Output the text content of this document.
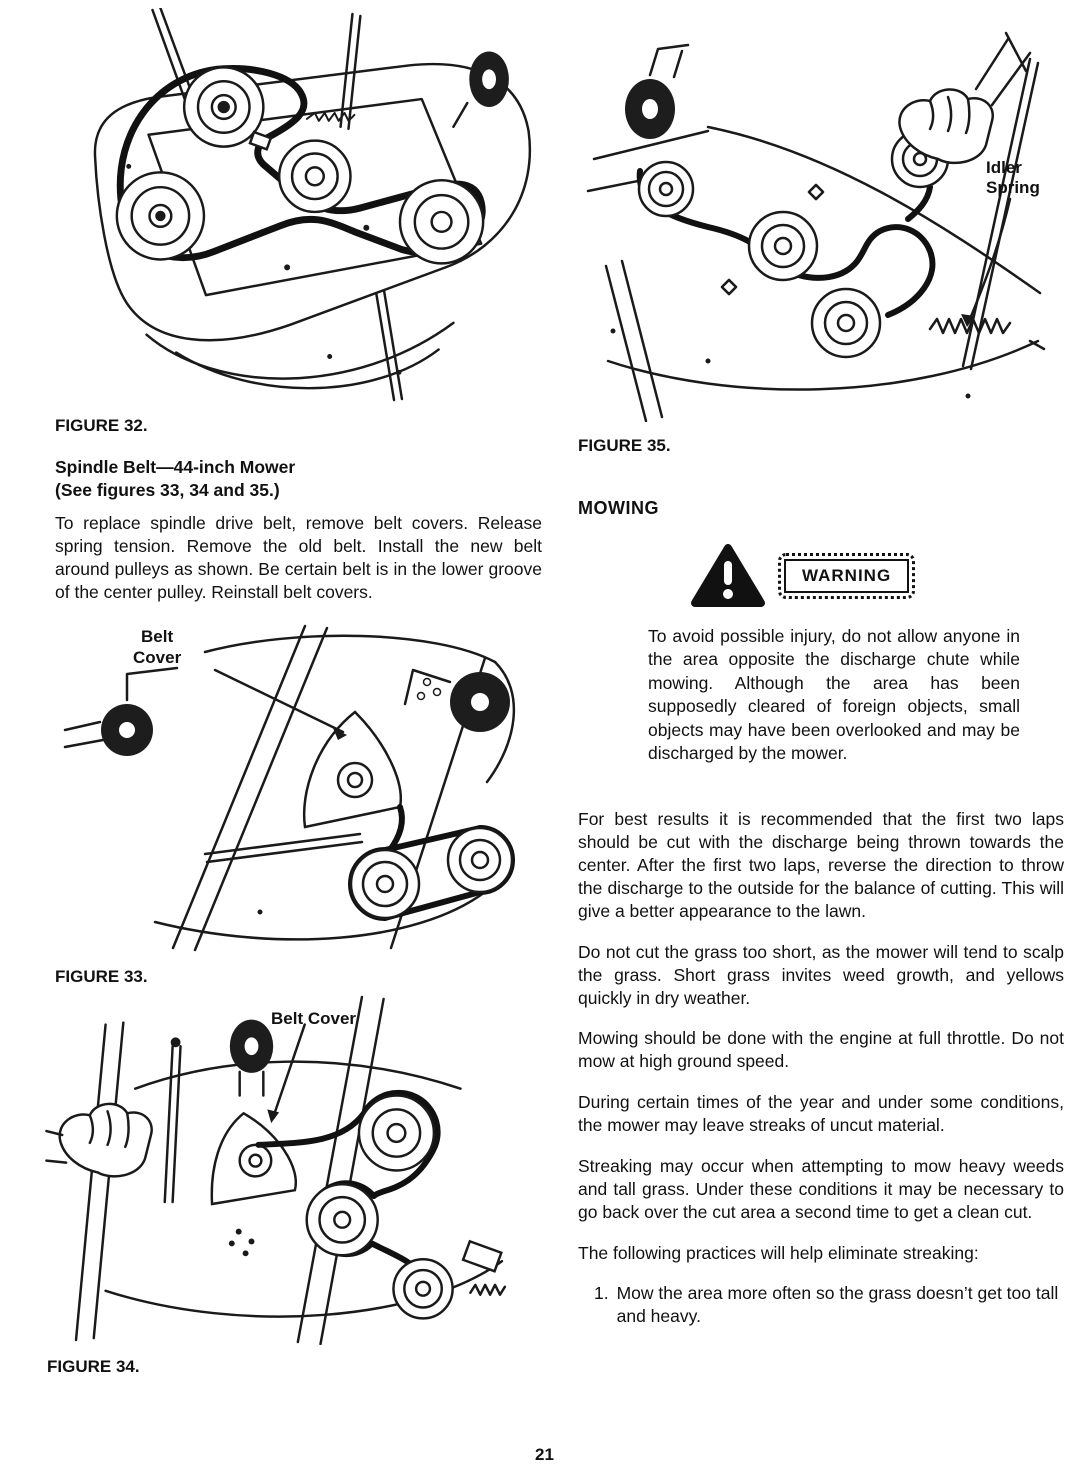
FIGURE 32.
Spindle Belt—44-inch Mower
(See figures 33, 34 and 35.)

To replace spindle drive belt, remove belt covers. Release spring tension. Remove the old belt. Install the new belt around pulleys as shown. Be certain belt is in the lower groove of the center pulley. Reinstall belt covers.

Belt
Cover
FIGURE 33.
Belt Cover
FIGURE 34.
Idler
Spring
FIGURE 35.
MOWING
WARNING

To avoid possible injury, do not allow anyone in the area opposite the discharge chute while mowing. Although the area has been supposedly cleared of foreign objects, small objects may have been overlooked and may be discharged by the mower.

For best results it is recommended that the first two laps should be cut with the discharge being thrown towards the center. After the first two laps, reverse the direction to throw the discharge to the outside for the balance of cutting. This will give a better appearance to the lawn.

Do not cut the grass too short, as the mower will tend to scalp the grass. Short grass invites weed growth, and yellows quickly in dry weather.

Mowing should be done with the engine at full throttle. Do not mow at high ground speed.

During certain times of the year and under some conditions, the mower may leave streaks of uncut material.

Streaking may occur when attempting to mow heavy weeds and tall grass. Under these conditions it may be necessary to go back over the cut area a second time to get a clean cut.

The following practices will help eliminate streaking:

1. Mow the area more often so the grass doesn’t get too tall and heavy.
21
